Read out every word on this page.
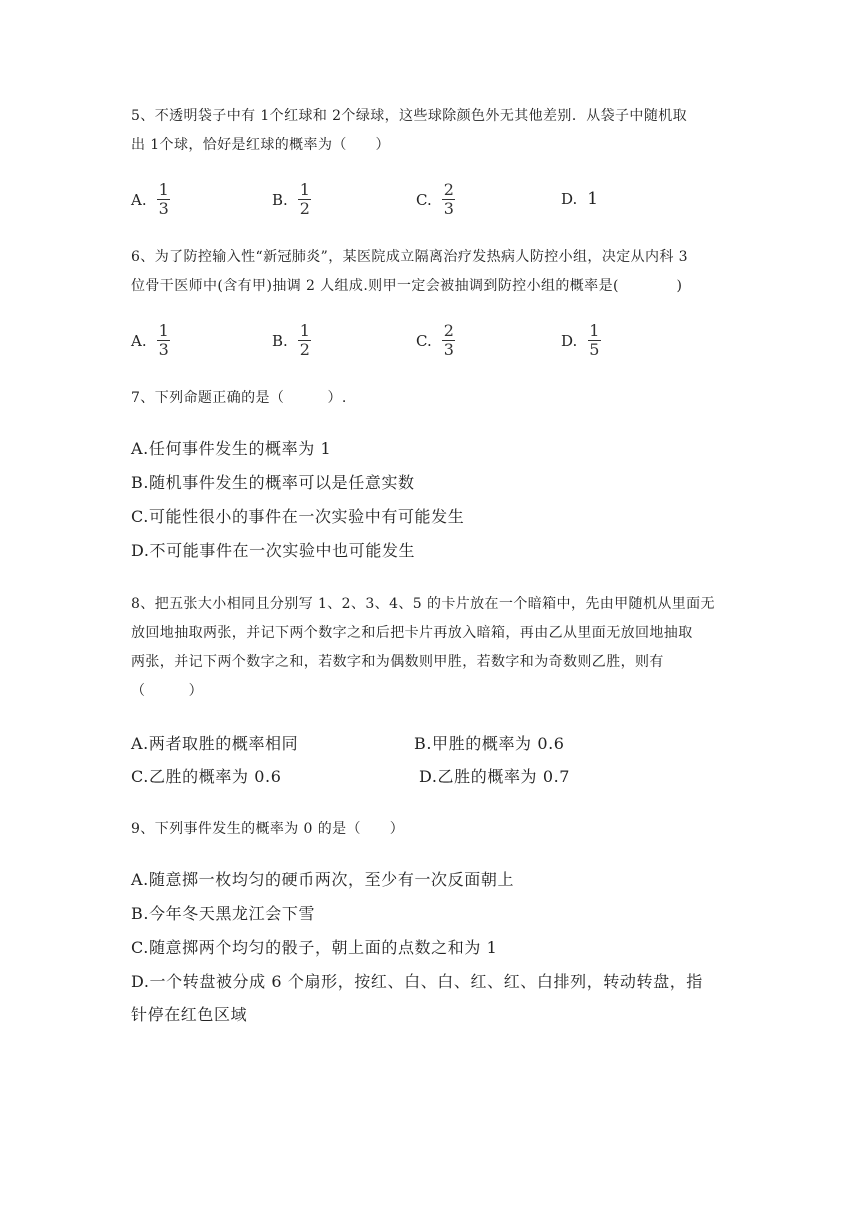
5、不透明袋子中有 1个红球和 2个绿球，这些球除颜色外无其他差别．从袋子中随机取
出 1个球，恰好是红球的概率为（　　）
A. $\frac{1}{3}$	B. $\frac{1}{2}$	C. $\frac{2}{3}$	D. 1
6、为了防控输入性“新冠肺炎”，某医院成立隔离治疗发热病人防控小组，决定从内科 3
位骨干医师中(含有甲)抽调 2 人组成.则甲一定会被抽调到防控小组的概率是(　　　　)
A. $\frac{1}{3}$	B. $\frac{1}{2}$	C. $\frac{2}{3}$	D. $\frac{1}{5}$
7、下列命题正确的是（　　　）.
A.任何事件发生的概率为 1
B.随机事件发生的概率可以是任意实数
C.可能性很小的事件在一次实验中有可能发生
D.不可能事件在一次实验中也可能发生
8、把五张大小相同且分别写 1、2、3、4、5 的卡片放在一个暗箱中，先由甲随机从里面无
放回地抽取两张，并记下两个数字之和后把卡片再放入暗箱，再由乙从里面无放回地抽取
两张，并记下两个数字之和，若数字和为偶数则甲胜，若数字和为奇数则乙胜，则有
（　　　）
A.两者取胜的概率相同	B.甲胜的概率为 0.6
C.乙胜的概率为 0.6	D.乙胜的概率为 0.7
9、下列事件发生的概率为 0 的是（　　）
A.随意掷一枚均匀的硬币两次，至少有一次反面朝上
B.今年冬天黑龙江会下雪
C.随意掷两个均匀的骰子，朝上面的点数之和为 1
D.一个转盘被分成 6 个扇形，按红、白、白、红、红、白排列，转动转盘，指
针停在红色区域
